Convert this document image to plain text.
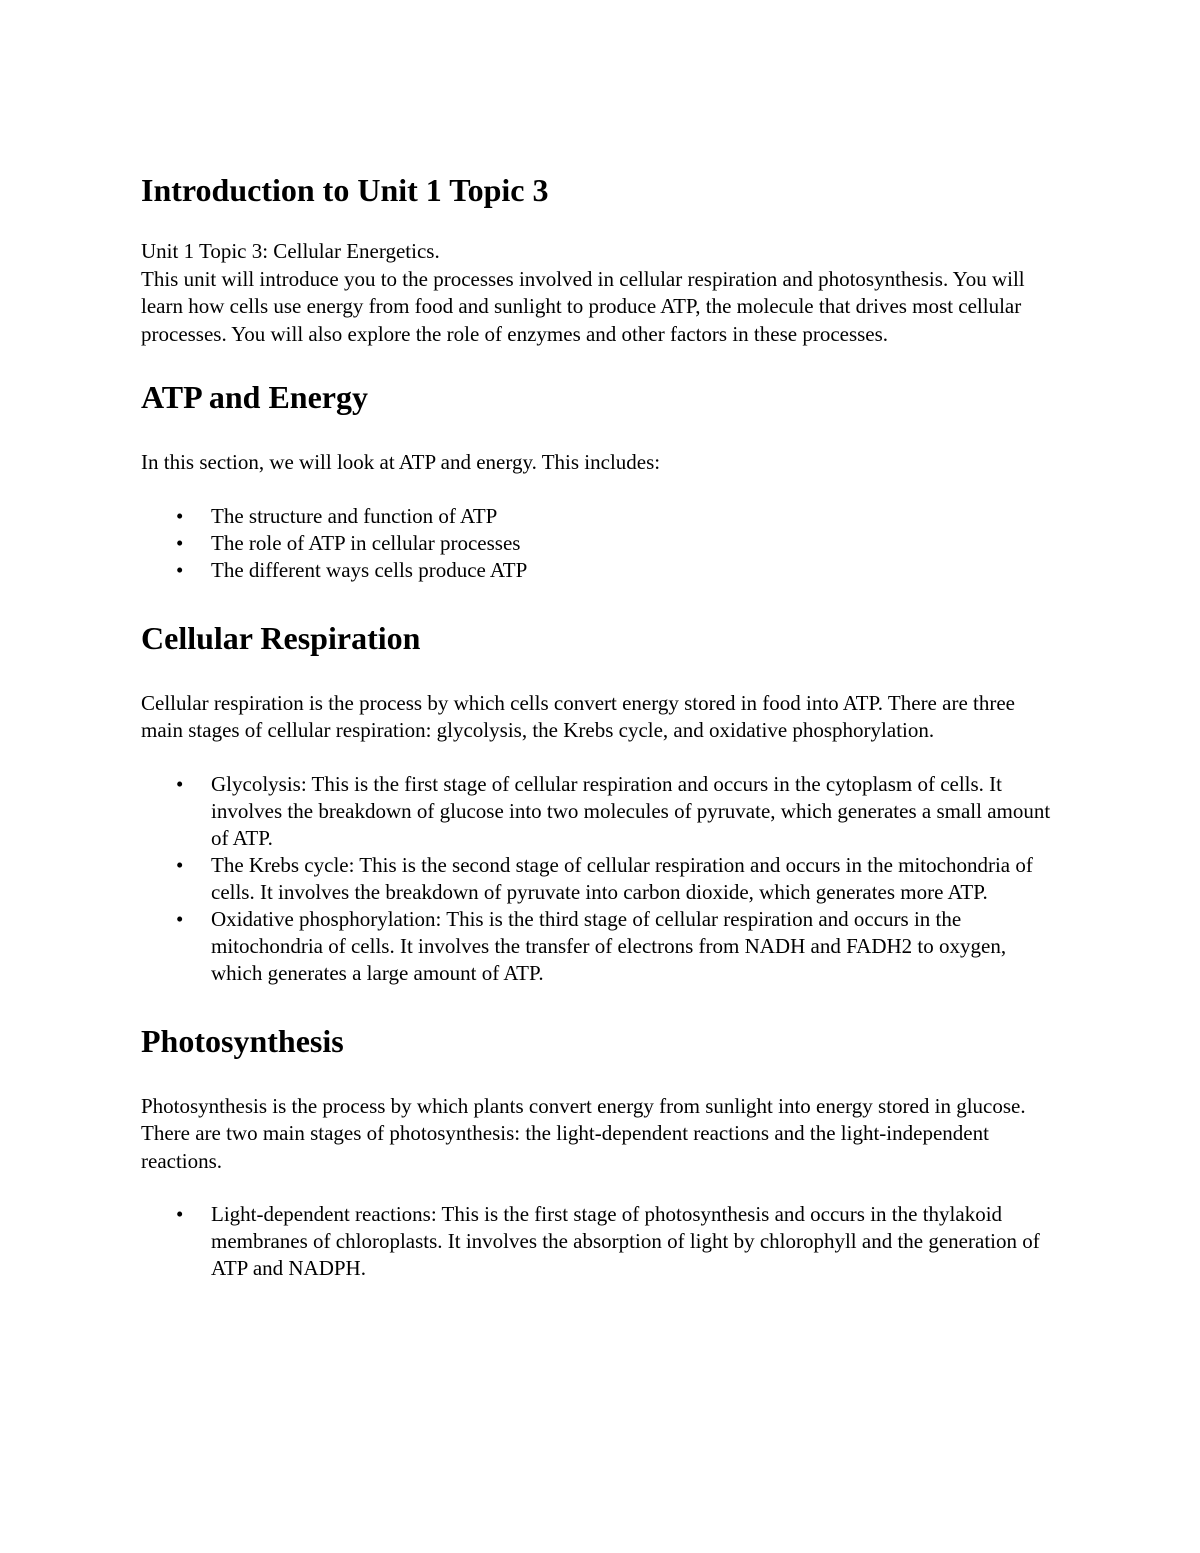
Introduction to Unit 1 Topic 3

Unit 1 Topic 3: Cellular Energetics.

This unit will introduce you to the processes involved in cellular respiration and photosynthesis. You will learn how cells use energy from food and sunlight to produce ATP, the molecule that drives most cellular processes. You will also explore the role of enzymes and other factors in these processes.

ATP and Energy

In this section, we will look at ATP and energy. This includes:

• The structure and function of ATP
• The role of ATP in cellular processes
• The different ways cells produce ATP
Cellular Respiration

Cellular respiration is the process by which cells convert energy stored in food into ATP. There are three main stages of cellular respiration: glycolysis, the Krebs cycle, and oxidative phosphorylation.

• Glycolysis: This is the first stage of cellular respiration and occurs in the cytoplasm of cells. It involves the breakdown of glucose into two molecules of pyruvate, which generates a small amount of ATP.
• The Krebs cycle: This is the second stage of cellular respiration and occurs in the mitochondria of cells. It involves the breakdown of pyruvate into carbon dioxide, which generates more ATP.
• Oxidative phosphorylation: This is the third stage of cellular respiration and occurs in the mitochondria of cells. It involves the transfer of electrons from NADH and FADH2 to oxygen, which generates a large amount of ATP.
Photosynthesis

Photosynthesis is the process by which plants convert energy from sunlight into energy stored in glucose. There are two main stages of photosynthesis: the light-dependent reactions and the light-independent reactions.

• Light-dependent reactions: This is the first stage of photosynthesis and occurs in the thylakoid membranes of chloroplasts. It involves the absorption of light by chlorophyll and the generation of ATP and NADPH.
